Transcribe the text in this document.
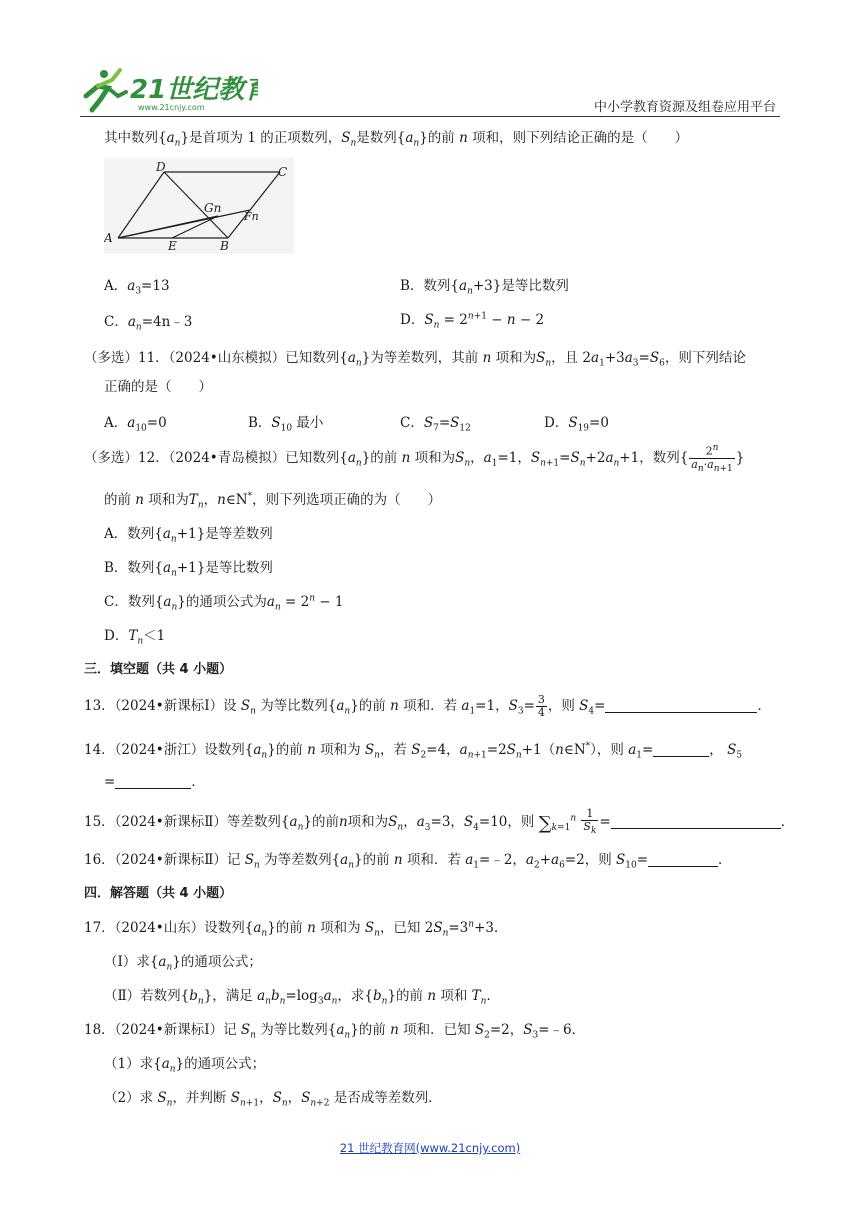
21世纪教育
www.21cnjy.com	中小学教育资源及组卷应用平台
其中数列$\{a_n\}$是首项为 1 的正项数列，$S_n$是数列$\{a_n\}$的前 n 项和，则下列结论正确的是（　　）
D	C
Gn
Fn
A
E	B
A．$a_3=13$	B．数列$\{a_n+3\}$是等比数列
C．$a_n=4n﹣3$	D．$S_n = 2^{n+1} - n - 2$
（多选）11．（2024•山东模拟）已知数列$\{a_n\}$为等差数列，其前 n 项和为$S_n$，且 $2a_1+3a_3=S_6$，则下列结论
正确的是（　　）
A．$a_{10}=0$	B．$S_{10}$ 最小	C．$S_7=S_{12}$	D．$S_{19}=0$
（多选）12．（2024•青岛模拟）已知数列$\{a_n\}$的前 n 项和为$S_n$，$a_1=1$，$S_{n+1}=S_n+2a_n+1$，数列{ $\frac{2^n}{a_n\cdot a_{n+1}}$ }
的前 n 项和为$T_n$，n∈N*，则下列选项正确的为（　　）
A．数列$\{a_n+1\}$是等差数列
B．数列$\{a_n+1\}$是等比数列
C．数列$\{a_n\}$的通项公式为$a_n = 2^n - 1$
D．$T_n<1$
三．填空题（共 4 小题）
13．（2024•新课标Ⅰ）设 $S_n$ 为等比数列$\{a_n\}$的前 n 项和．若 $a_1=1$，$S_3= \frac{3}{4}$ ，则 $S_4=$	．
14．（2024•浙江）设数列$\{a_n\}$的前 n 项和为 $S_n$，若 $S_2=4$，$a_{n+1}=2S_n+1(n\in N^*)$，则 $a_1=$	， $S_5$
=	．
15．（2024•新课标Ⅱ）等差数列$\{a_n\}$的前n项和为$S_n$，$a_3=3$，$S_4=10$，则 $\sum_{k=1}^n \frac{1}{S_k}$ =	．
16．（2024•新课标Ⅱ）记 $S_n$ 为等差数列$\{a_n\}$的前 n 项和．若 $a_1=﹣2$，$a_2+a_6=2$，则 $S_{10}=$	．
四．解答题（共 4 小题）
17．（2024•山东）设数列$\{a_n\}$的前 n 项和为 $S_n$，已知 $2S_n=3^n+3$．
（Ⅰ）求$\{a_n\}$的通项公式；
（Ⅱ）若数列$\{b_n\}$，满足 $a_nb_n=\log_3a_n$，求$\{b_n\}$的前 n 项和 $T_n$．
18．（2024•新课标Ⅰ）记 $S_n$ 为等比数列$\{a_n\}$的前 n 项和．已知 $S_2=2$，$S_3=﹣6$．
（1）求$\{a_n\}$的通项公式；
（2）求 $S_n$，并判断 $S_{n+1}$，$S_n$，$S_{n+2}$ 是否成等差数列．
21 世纪教育网(www.21cnjy.com)
